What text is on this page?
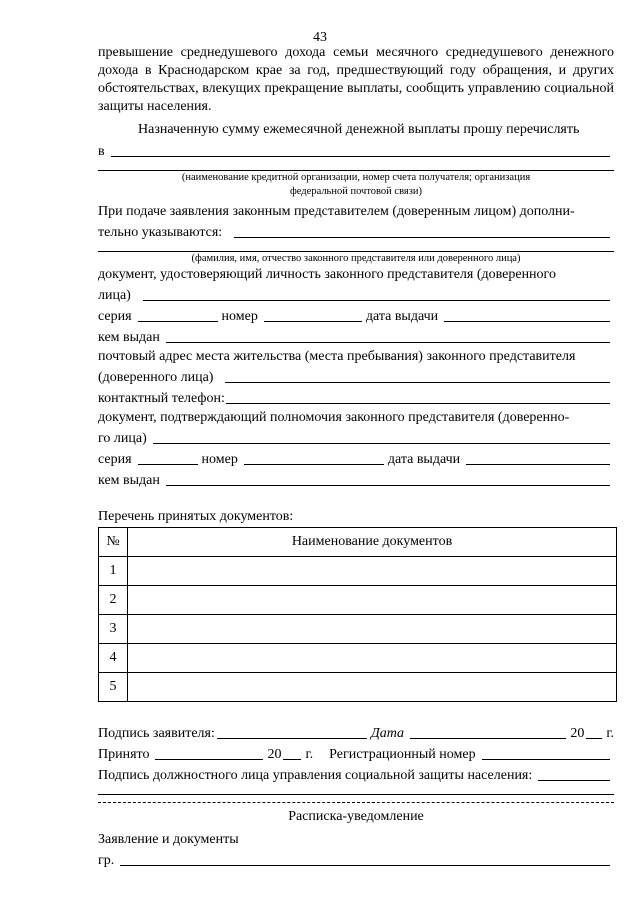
43
превышение среднедушевого дохода семьи месячного среднедушевого денежного дохода в Краснодарском крае за год, предшествующий году обращения, и других обстоятельствах, влекущих прекращение выплаты, сообщить управлению социальной защиты населения.
Назначенную сумму ежемесячной денежной выплаты прошу перечислять
в
(наименование кредитной организации, номер счета получателя; организация
федеральной почтовой связи)
При подаче заявления законным представителем (доверенным лицом) дополни-
тельно указываются:
(фамилия, имя, отчество законного представителя или доверенного лица)
документ, удостоверяющий личность законного представителя (доверенного
лица)
серия	номер	дата выдачи
кем выдан
почтовый адрес места жительства (места пребывания) законного представителя
(доверенного лица)
контактный телефон:
документ, подтверждающий полномочия законного представителя (доверенно-
го лица)
серия	номер	дата выдачи
кем выдан
Перечень принятых документов:
№	Наименование документов
1	
2	
3	
4	
5	
Подпись заявителя:	Дата	20 г.
Принято	20 г. Регистрационный номер
Подпись должностного лица управления социальной защиты населения:
Расписка-уведомление
Заявление и документы
гр.
